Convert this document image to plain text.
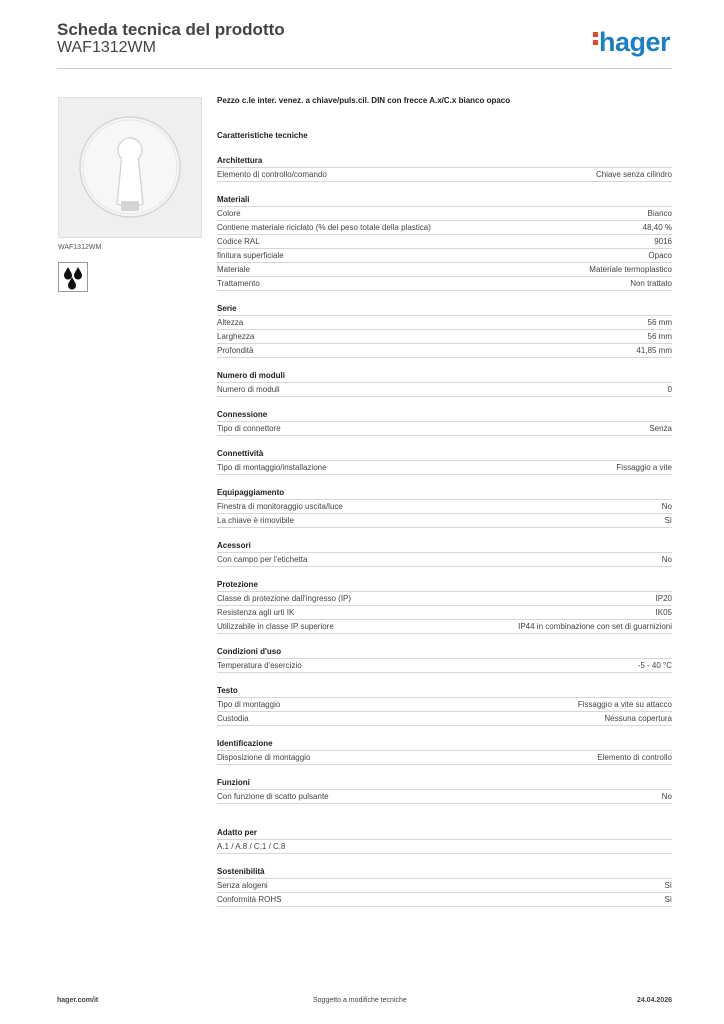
Scheda tecnica del prodotto
WAF1312WM	hager
WAF1312WM
Pezzo c.le inter. venez. a chiave/puls.cil. DIN con frecce A.x/C.x bianco opaco
Caratteristiche tecniche
Architettura
Elemento di controllo/comando	Chiave senza cilindro
Materiali
Colore	Bianco
Contiene materiale riciclato (% del peso totale della plastica)	48,40 %
Codice RAL	9016
finitura superficiale	Opaco
Materiale	Materiale termoplastico
Trattamento	Non trattato
Serie
Altezza	56 mm
Larghezza	56 mm
Profondità	41,85 mm
Numero di moduli
Numero di moduli	0
Connessione
Tipo di connettore	Senza
Connettività
Tipo di montaggio/installazione	Fissaggio a vite
Equipaggiamento
Finestra di monitoraggio uscita/luce	No
La chiave è rimovibile	Sì
Acessori
Con campo per l'etichetta	No
Protezione
Classe di protezione dall'ingresso (IP)	IP20
Resistenza agli urti IK	IK05
Utilizzabile in classe IP superiore	IP44 in combinazione con set di guarnizioni
Condizioni d'uso
Temperatura d'esercizio	-5 - 40 °C
Testo
Tipo di montaggio	Fissaggio a vite su attacco
Custodia	Nessuna copertura
Identificazione
Disposizione di montaggio	Elemento di controllo
Funzioni
Con funzione di scatto pulsante	No
Adatto per
A.1 / A.8 / C.1 / C.8
Sostenibilità
Senza alogeni	Sì
Conformità ROHS	Sì
hager.com/it	Soggetto a modifiche tecniche	24.04.2026
